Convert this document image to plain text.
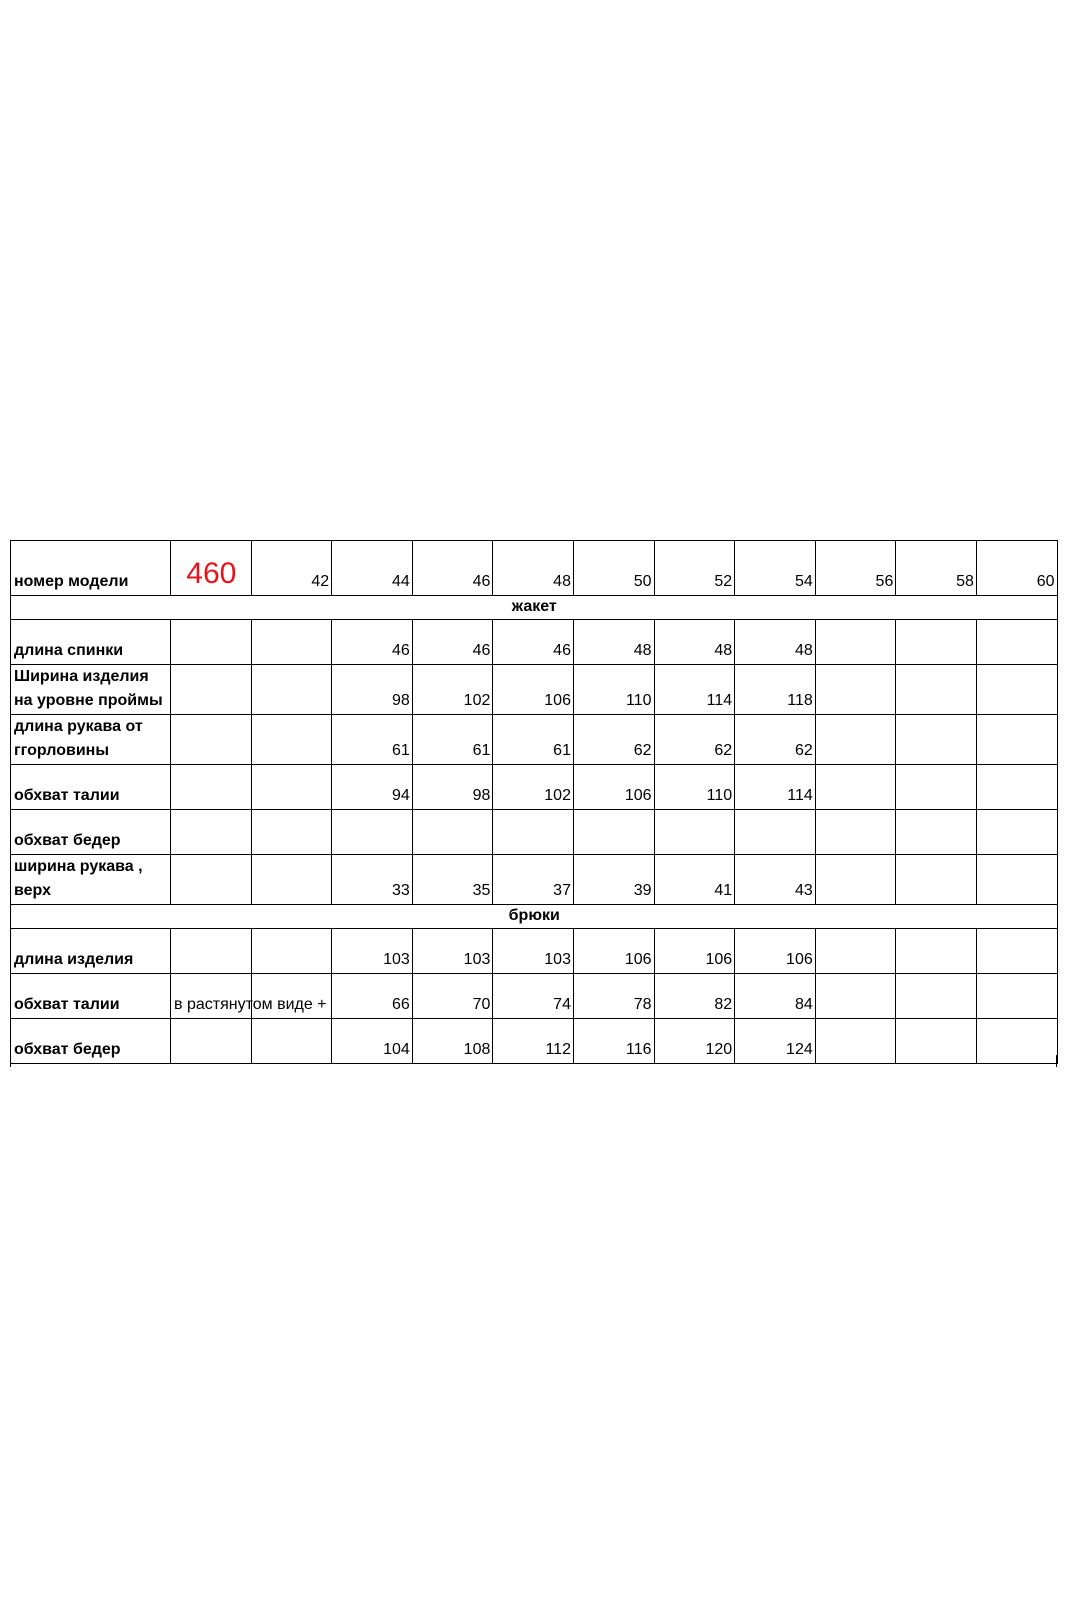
номер модели	460	42	44	46	48	50	52	54	56	58	60
жакет											
длина спинки			46	46	46	48	48	48			
Ширина изделия на уровне проймы			98	102	106	110	114	118			
длина рукава от ггорловины			61	61	61	62	62	62			
обхват талии			94	98	102	106	110	114			
обхват бедер											
ширина рукава , верх			33	35	37	39	41	43			
брюки											
длина изделия			103	103	103	106	106	106			
обхват талии	в растянутом виде +		66	70	74	78	82	84			
обхват бедер			104	108	112	116	120	124			
